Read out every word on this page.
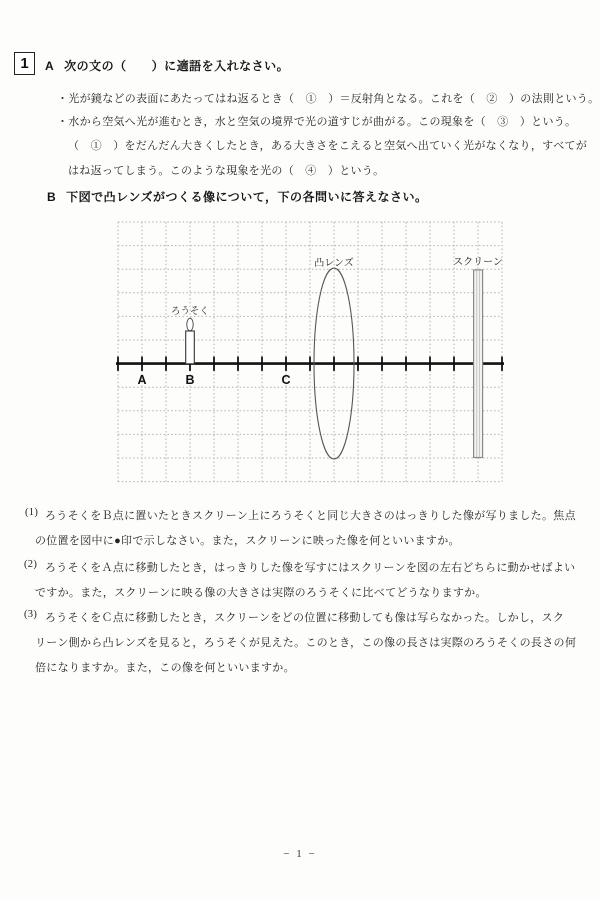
1 A 次の文の（　　）に適語を入れなさい。
・光が鏡などの表面にあたってはね返るとき（　①　）＝反射角となる。これを（　②　）の法則という。
・水から空気へ光が進むとき，水と空気の境界で光の道すじが曲がる。この現象を（　③　）という。
（　①　）をだんだん大きくしたとき，ある大きさをこえると空気へ出ていく光がなくなり，すべてが
はね返ってしまう。このような現象を光の（　④　）という。
B 下図で凸レンズがつくる像について，下の各問いに答えなさい。
A	B	C
ろうそく
凸レンズ	スクリーン
(1) ろうそくをＢ点に置いたときスクリーン上にろうそくと同じ大きさのはっきりした像が写りました。焦点
の位置を図中に●印で示しなさい。また，スクリーンに映った像を何といいますか。
(2) ろうそくをＡ点に移動したとき，はっきりした像を写すにはスクリーンを図の左右どちらに動かせばよい
ですか。また，スクリーンに映る像の大きさは実際のろうそくに比べてどうなりますか。
(3) ろうそくをＣ点に移動したとき，スクリーンをどの位置に移動しても像は写らなかった。しかし，スク
リーン側から凸レンズを見ると，ろうそくが見えた。このとき，この像の長さは実際のろうそくの長さの何
倍になりますか。また，この像を何といいますか。
− 1 −
